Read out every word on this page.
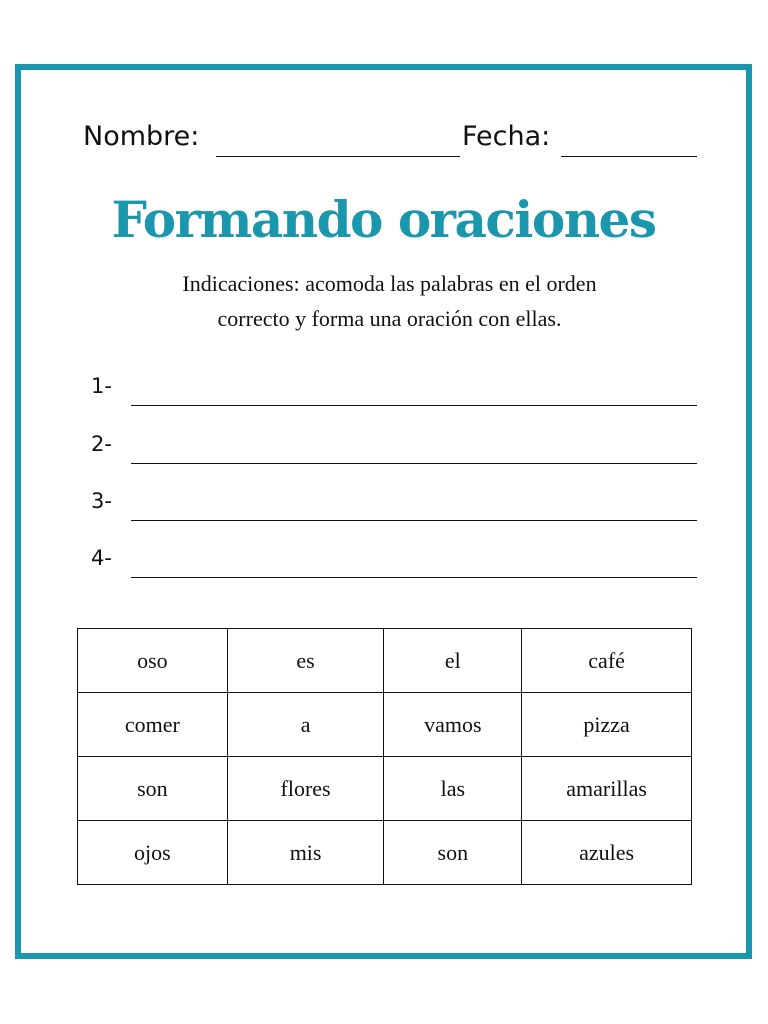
Nombre:	Fecha:
Formando oraciones
Indicaciones: acomoda las palabras en el orden
correcto y forma una oración con ellas.
1-
2-
3-
4-
oso	es	el	café
comer	a	vamos	pizza
son	flores	las	amarillas
ojos	mis	son	azules
